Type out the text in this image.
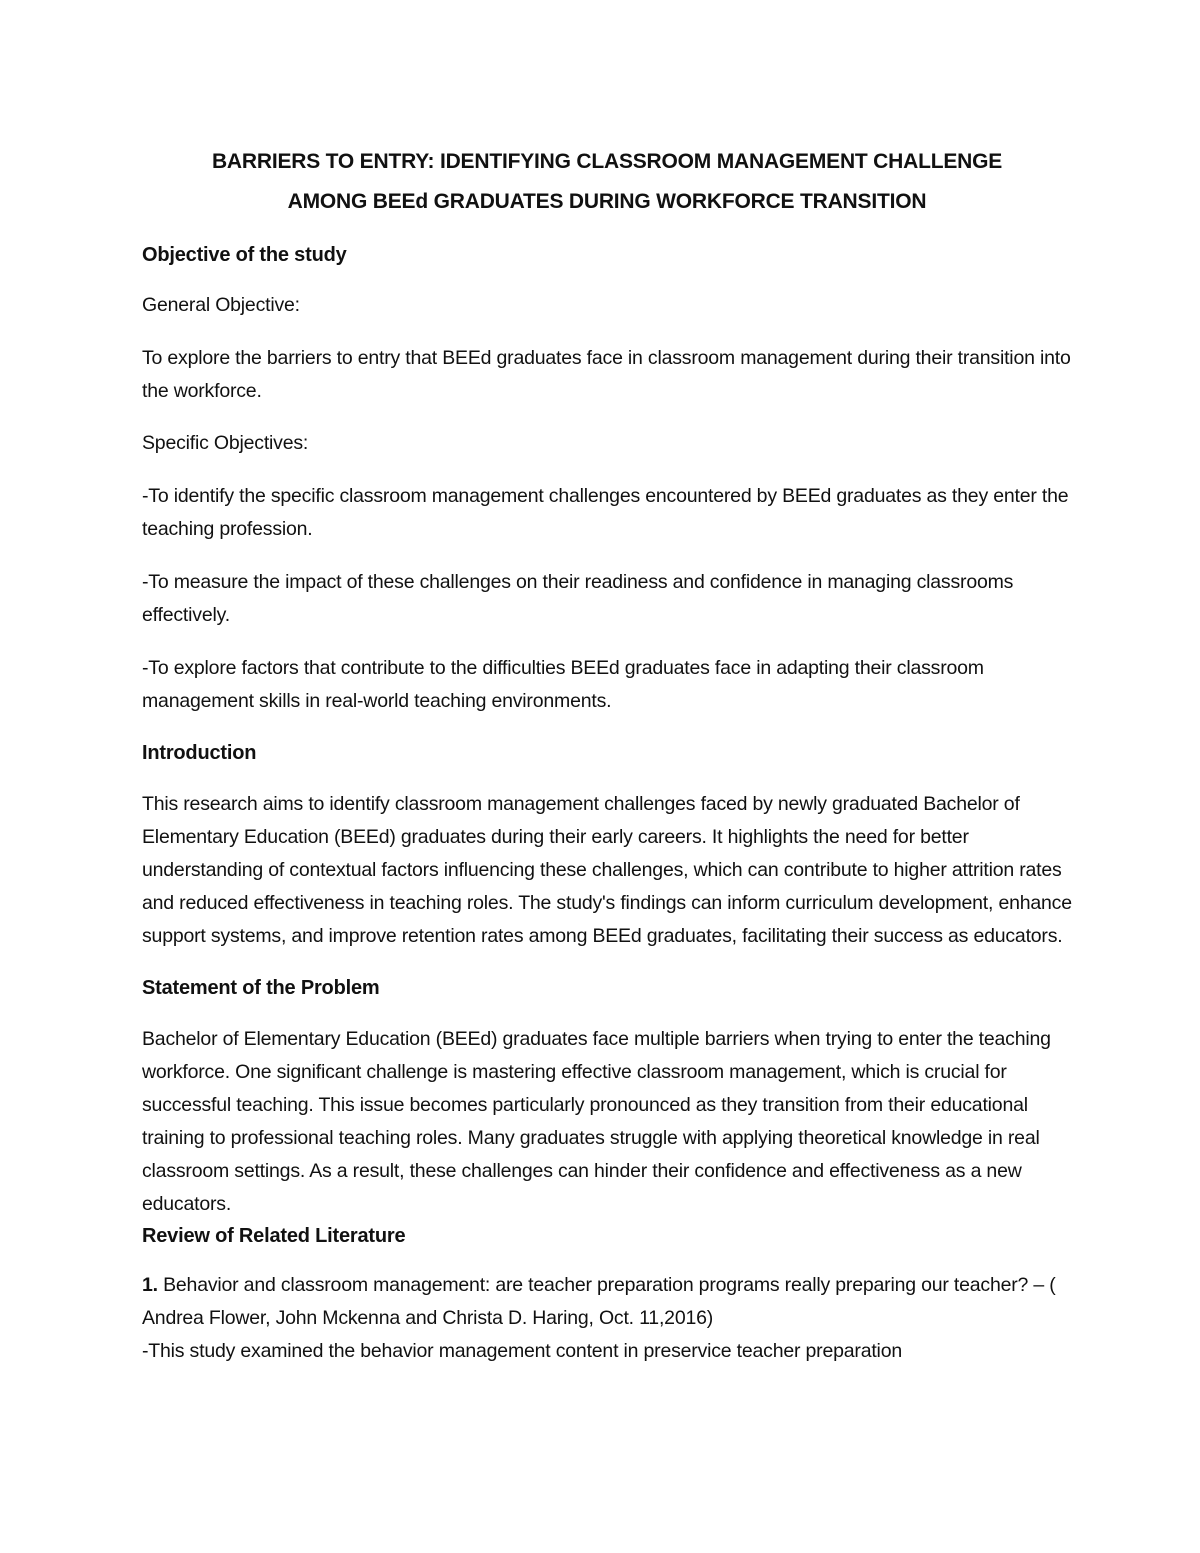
BARRIERS TO ENTRY: IDENTIFYING CLASSROOM MANAGEMENT CHALLENGE
AMONG BEEd GRADUATES DURING WORKFORCE TRANSITION
Objective of the study
General Objective:

To explore the barriers to entry that BEEd graduates face in classroom management during their transition into the workforce.

Specific Objectives:

-To identify the specific classroom management challenges encountered by BEEd graduates as they enter the teaching profession.

-To measure the impact of these challenges on their readiness and confidence in managing classrooms effectively.

-To explore factors that contribute to the difficulties BEEd graduates face in adapting their classroom management skills in real-world teaching environments.

Introduction

This research aims to identify classroom management challenges faced by newly graduated Bachelor of Elementary Education (BEEd) graduates during their early careers. It highlights the need for better understanding of contextual factors influencing these challenges, which can contribute to higher attrition rates and reduced effectiveness in teaching roles. The study's findings can inform curriculum development, enhance support systems, and improve retention rates among BEEd graduates, facilitating their success as educators.

Statement of the Problem

Bachelor of Elementary Education (BEEd) graduates face multiple barriers when trying to enter the teaching workforce. One significant challenge is mastering effective classroom management, which is crucial for successful teaching. This issue becomes particularly pronounced as they transition from their educational training to professional teaching roles. Many graduates struggle with applying theoretical knowledge in real classroom settings. As a result, these challenges can hinder their confidence and effectiveness as a new educators.

Review of Related Literature

1. Behavior and classroom management: are teacher preparation programs really preparing our teacher? – ( Andrea Flower, John Mckenna and Christa D. Haring, Oct. 11,2016)

-This study examined the behavior management content in preservice teacher preparation
